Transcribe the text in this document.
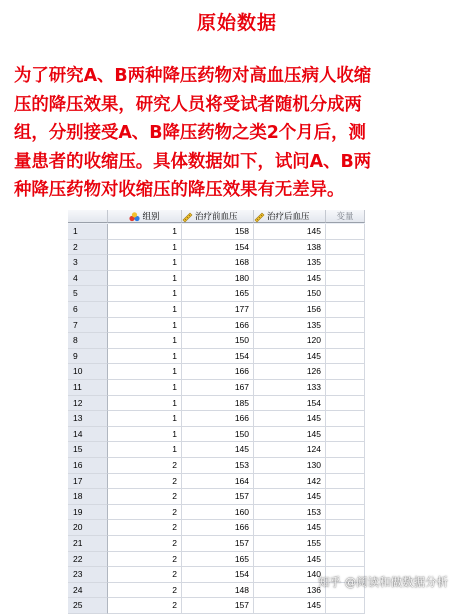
原始数据

为了研究A、B两种降压药物对高血压病人收缩
压的降压效果，研究人员将受试者随机分成两
组，分别接受A、B降压药物之类2个月后，测
量患者的收缩压。具体数据如下，试问A、B两
种降压药物对收缩压的降压效果有无差异。

组别	治疗前血压	治疗后血压	变量
1	1	158	145
2	1	154	138
3	1	168	135
4	1	180	145
5	1	165	150
6	1	177	156
7	1	166	135
8	1	150	120
9	1	154	145
10	1	166	126
11	1	167	133
12	1	185	154
13	1	166	145
14	1	150	145
15	1	145	124
16	2	153	130
17	2	164	142
18	2	157	145
19	2	160	153
20	2	166	145
21	2	157	155
22	2	165	145
23	2	154	140
24	2	148	136
25	2	157	145
知乎 @阅读和做数据分析
